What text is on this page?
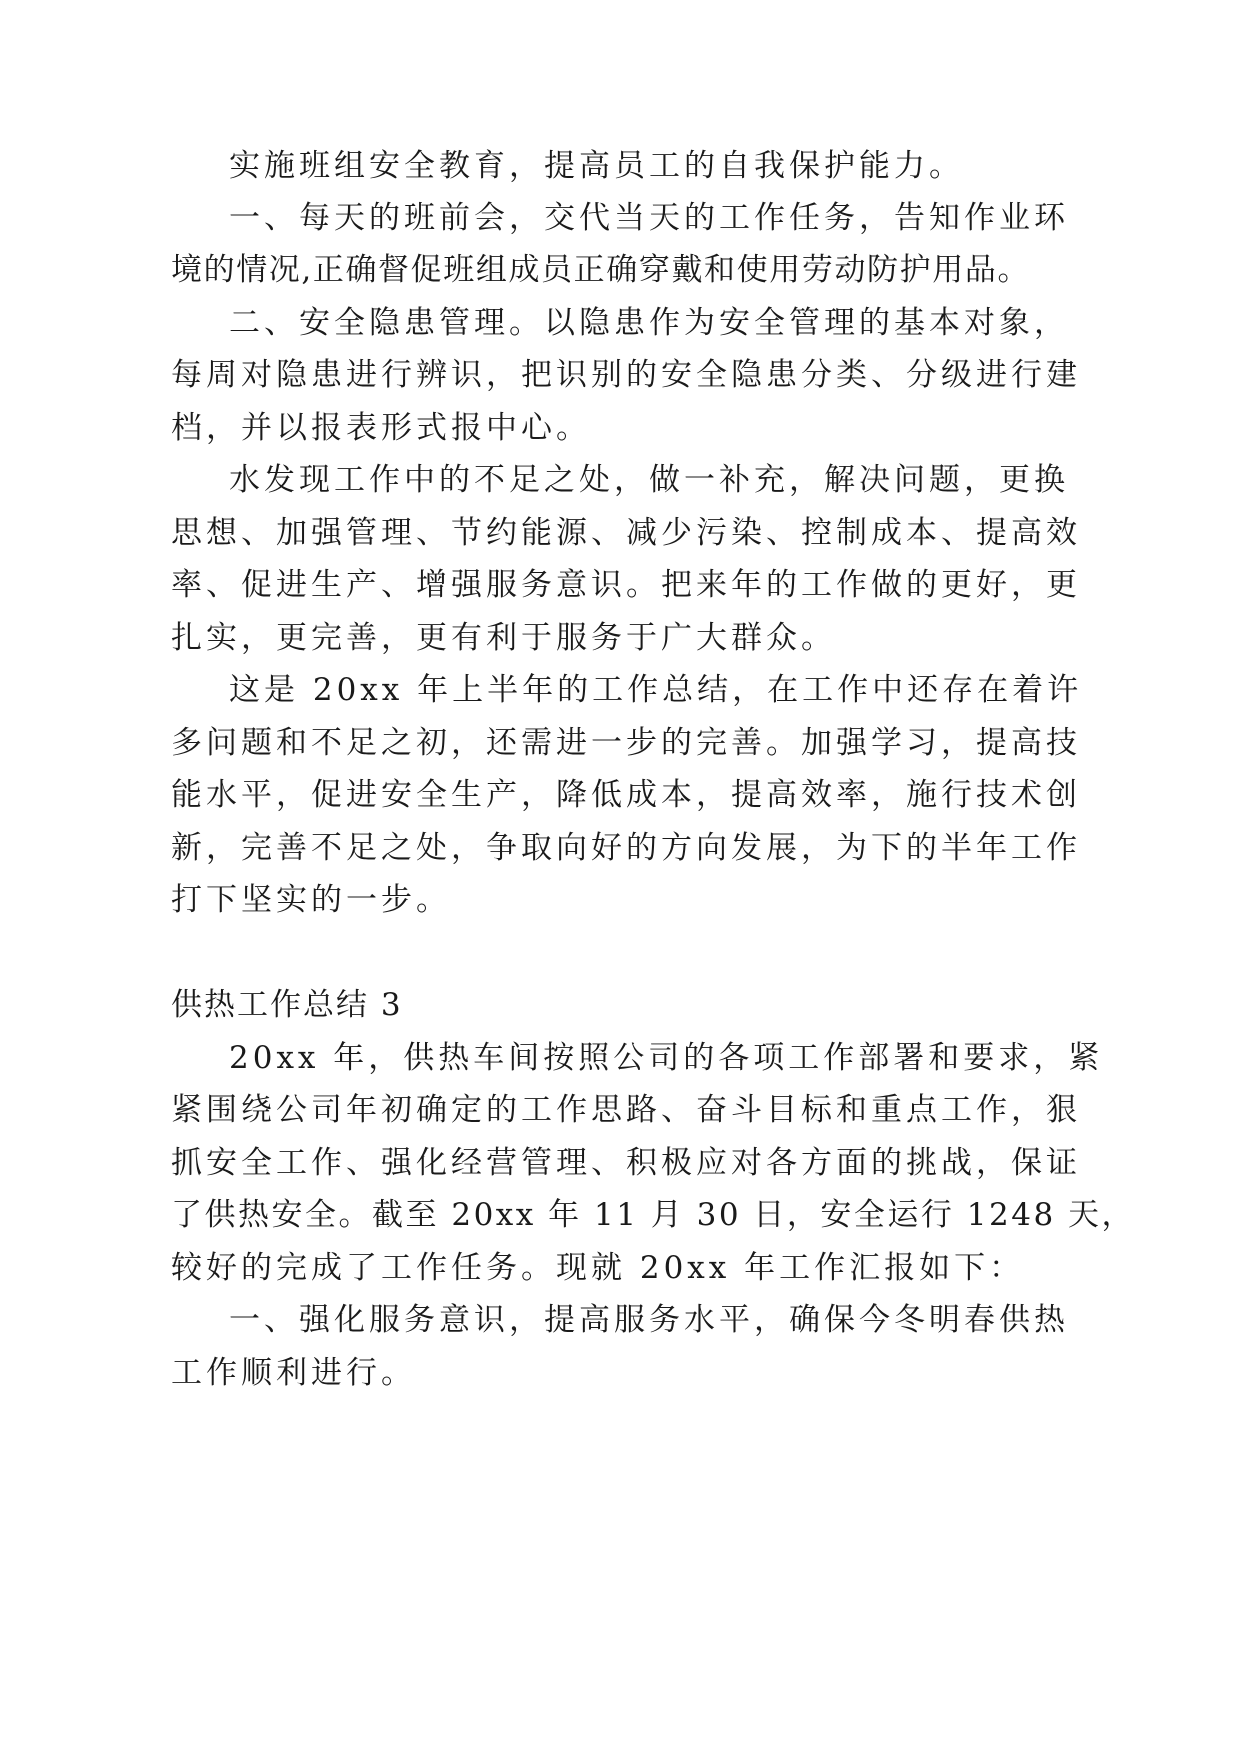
实施班组安全教育，提高员工的自我保护能力。
一、每天的班前会，交代当天的工作任务，告知作业环
境的情况,正确督促班组成员正确穿戴和使用劳动防护用品。
二、安全隐患管理。以隐患作为安全管理的基本对象，
每周对隐患进行辨识，把识别的安全隐患分类、分级进行建
档，并以报表形式报中心。
水发现工作中的不足之处，做一补充，解决问题，更换
思想、加强管理、节约能源、减少污染、控制成本、提高效
率、促进生产、增强服务意识。把来年的工作做的更好，更
扎实，更完善，更有利于服务于广大群众。
这是 20xx 年上半年的工作总结，在工作中还存在着许
多问题和不足之初，还需进一步的完善。加强学习，提高技
能水平，促进安全生产，降低成本，提高效率，施行技术创
新，完善不足之处，争取向好的方向发展，为下的半年工作
打下坚实的一步。
供热工作总结 3
20xx 年，供热车间按照公司的各项工作部署和要求，紧
紧围绕公司年初确定的工作思路、奋斗目标和重点工作，狠
抓安全工作、强化经营管理、积极应对各方面的挑战，保证
了供热安全。截至 20xx 年 11 月 30 日，安全运行 1248 天，
较好的完成了工作任务。现就 20xx 年工作汇报如下：
一、强化服务意识，提高服务水平，确保今冬明春供热
工作顺利进行。
